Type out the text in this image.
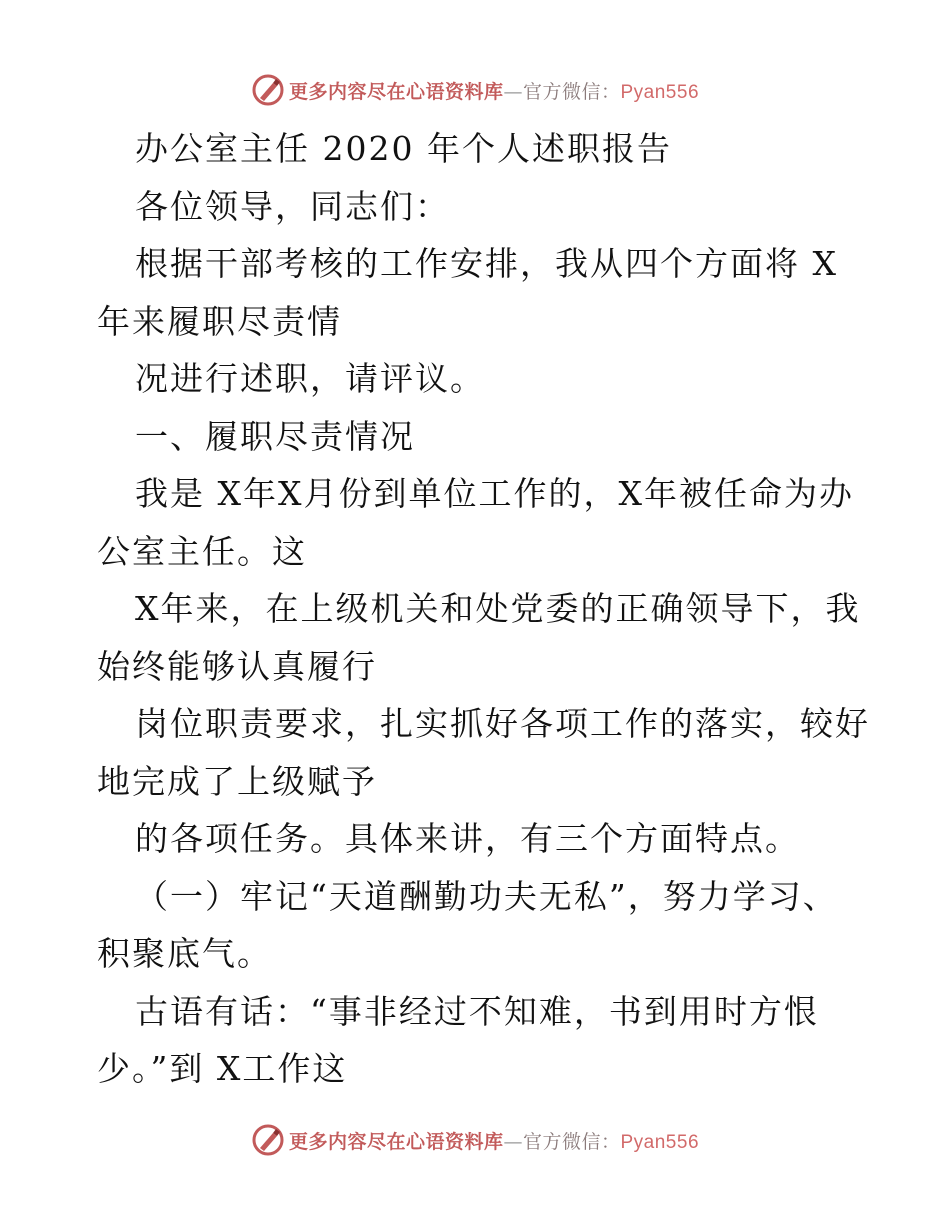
更多内容尽在心语资料库—官方微信：Pyan556
办公室主任 2020 年个人述职报告
各位领导，同志们：
根据干部考核的工作安排，我从四个方面将 X
年来履职尽责情
况进行述职，请评议。
一、履职尽责情况
我是 X年X月份到单位工作的，X年被任命为办
公室主任。这
X年来，在上级机关和处党委的正确领导下，我
始终能够认真履行
岗位职责要求，扎实抓好各项工作的落实，较好
地完成了上级赋予
的各项任务。具体来讲，有三个方面特点。
（一）牢记“天道酬勤功夫无私”，努力学习、
积聚底气。
古语有话：“事非经过不知难，书到用时方恨
少。”到 X工作这
更多内容尽在心语资料库—官方微信：Pyan556
